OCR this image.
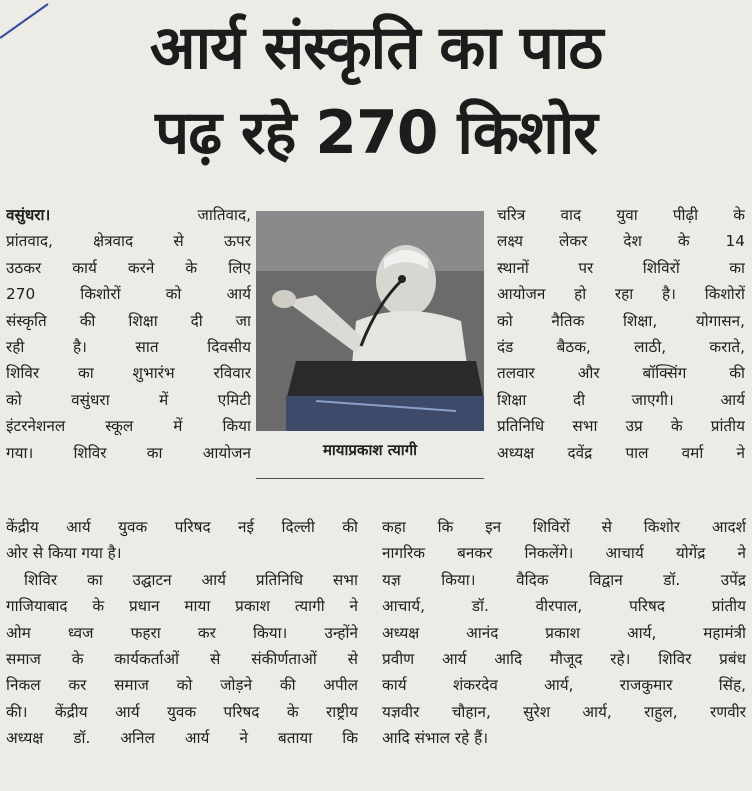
आर्य संस्कृति का पाठ
पढ़ रहे 270 किशोर
वसुंधरा।	जातिवाद,
प्रांतवाद, क्षेत्रवाद से ऊपर
उठकर कार्य करने के लिए
270 किशोरों को आर्य
संस्कृति की शिक्षा दी जा
रही है। सात दिवसीय
शिविर का शुभारंभ रविवार
को वसुंधरा में एमिटी
इंटरनेशनल स्कूल में किया
गया। शिविर का आयोजन
केंद्रीय आर्य युवक परिषद नई दिल्ली की
ओर से किया गया है।
शिविर का उद्घाटन आर्य प्रतिनिधि सभा
गाजियाबाद के प्रधान माया प्रकाश त्यागी ने
ओम ध्वज फहरा कर किया। उन्होंने
समाज के कार्यकर्ताओं से संकीर्णताओं से
निकल कर समाज को जोड़ने की अपील
की। केंद्रीय आर्य युवक परिषद के राष्ट्रीय
अध्यक्ष डॉ. अनिल आर्य ने बताया कि
मायाप्रकाश त्यागी
चरित्र वाद युवा पीढ़ी के
लक्ष्य लेकर देश के 14
स्थानों पर शिविरों का
आयोजन हो रहा है। किशोरों
को नैतिक शिक्षा, योगासन,
दंड बैठक, लाठी, कराते,
तलवार और बॉक्सिंग की
शिक्षा दी जाएगी। आर्य
प्रतिनिधि सभा उप्र के प्रांतीय
अध्यक्ष दवेंद्र पाल वर्मा ने
कहा कि इन शिविरों से किशोर आदर्श
नागरिक बनकर निकलेंगे। आचार्य योगेंद्र ने
यज्ञ किया। वैदिक विद्वान डॉ. उपेंद्र
आचार्य, डॉ. वीरपाल, परिषद प्रांतीय
अध्यक्ष आनंद प्रकाश आर्य, महामंत्री
प्रवीण आर्य आदि मौजूद रहे। शिविर प्रबंध
कार्य शंकरदेव आर्य, राजकुमार सिंह,
यज्ञवीर चौहान, सुरेश आर्य, राहुल, रणवीर
आदि संभाल रहे हैं।
